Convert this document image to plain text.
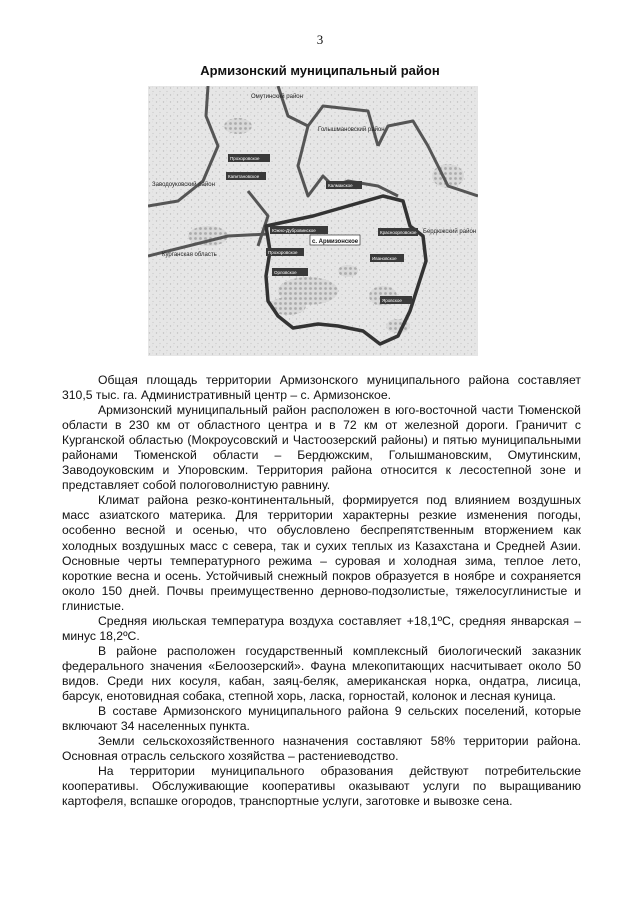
3
Армизонский муниципальный район
Омутинский район
Голышмановский район
Заводоуковский район
Курганская область
Бердюжский район
Прохоровское
Капитановское
Калмакское
Южно-Дубровинское
Прохоровское
Красноорловское
Ивановское
Орловское
Яровское
с. Армизонское

Общая площадь территории Армизонского муниципального района составляет 310,5 тыс. га. Административный центр – с. Армизонское.

Армизонский муниципальный район расположен в юго-восточной части Тюменской области в 230 км от областного центра и в 72 км от железной дороги. Граничит с Курганской областью (Мокроусовский и Частоозерский районы) и пятью муниципальными районами Тюменской области – Бердюжским, Голышмановским, Омутинским, Заводоуковским и Упоровским. Территория района относится к лесостепной зоне и представляет собой пологоволнистую равнину.

Климат района резко-континентальный, формируется под влиянием воздушных масс азиатского материка. Для территории характерны резкие изменения погоды, особенно весной и осенью, что обусловлено беспрепятственным вторжением как холодных воздушных масс с севера, так и сухих теплых из Казахстана и Средней Азии. Основные черты температурного режима – суровая и холодная зима, теплое лето, короткие весна и осень. Устойчивый снежный покров образуется в ноябре и сохраняется около 150 дней. Почвы преимущественно дерново-подзолистые, тяжелосуглинистые и глинистые.

Средняя июльская температура воздуха составляет +18,1ºС, средняя январская – минус 18,2ºС.

В районе расположен государственный комплексный биологический заказник федерального значения «Белоозерский». Фауна млекопитающих насчитывает около 50 видов. Среди них косуля, кабан, заяц-беляк, американская норка, ондатра, лисица, барсук, енотовидная собака, степной хорь, ласка, горностай, колонок и лесная куница.

В составе Армизонского муниципального района 9 сельских поселений, которые включают 34 населенных пункта.

Земли сельскохозяйственного назначения составляют 58% территории района. Основная отрасль сельского хозяйства – растениеводство.

На территории муниципального образования действуют потребительские кооперативы. Обслуживающие кооперативы оказывают услуги по выращиванию картофеля, вспашке огородов, транспортные услуги, заготовке и вывозке сена.
